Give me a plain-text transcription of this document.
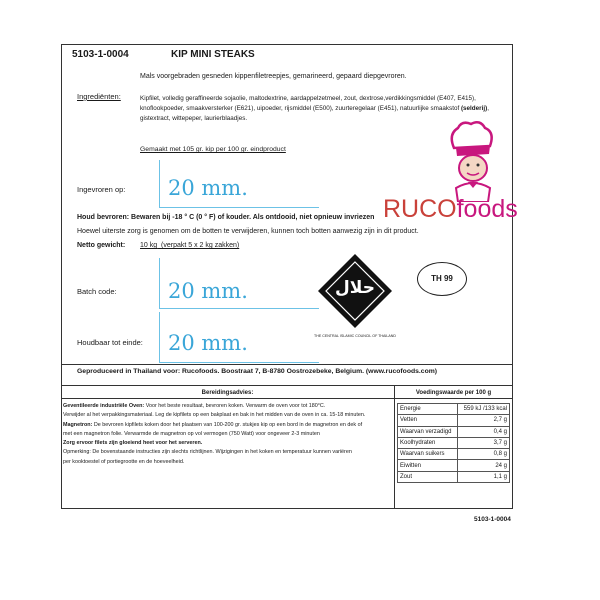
5103-1-0004	KIP MINI STEAKS
Mals voorgebraden gesneden kippenfiletreepjes, gemarineerd, gepaard diepgevroren.
Ingrediënten:	Kipfilet, volledig geraffineerde sojaolie, maltodextrine, aardappelzetmeel, zout, dextrose,verdikkingsmiddel (E407, E415),
knoflookpoeder, smaakversterker (E621), uipoeder, rijsmiddel (E500), zuurteregelaar (E451), natuurlijke smaakstof (selderij),
gistextract, wittepeper, laurierblaadjes.
Gemaakt met 105 gr. kip per 100 gr. eindproduct
Ingevroren op: 20 mm.
Houd bevroren: Bewaren bij -18 ° C (0 ° F) of kouder. Als ontdooid, niet opnieuw invriezen
Hoewel uiterste zorg is genomen om de botten te verwijderen, kunnen toch botten aanwezig zijn in dit product.
Netto gewicht: 10 kg (verpakt 5 x 2 kg zakken)
Batch code: 20 mm.
Houdbaar tot einde: 20 mm.
RUCOfoods
حلال
THE CENTRAL ISLAMIC COUNCIL OF THAILAND
TH 99
Geproduceerd in Thailand voor: Rucofoods. Boostraat 7, B-8780 Oostrozebeke, Belgium. (www.rucofoods.com)
Bereidingsadvies:	Voedingswaarde per 100 g
Geventileerde industriële Oven: Voor het beste resultaat, bevroren koken. Verwarm de oven voor tot 180°C.
Verwijder al het verpakkingsmateriaal. Leg de kipfilets op een bakplaat en bak in het midden van de oven in ca. 15-18 minuten.
Magnetron: De bevroren kipfilets koken door het plaatsen van 100-200 gr. stukjes kip op een bord in de magnetron en dek of
met een magnetron folie. Verwarmde de magnetron op vol vermogen (750 Watt) voor ongeveer 2-3 minuten
Zorg ervoor filets zijn gloeiend heet voor het serveren.
Opmerking: De bovenstaande instructies zijn slechts richtlijnen. Wijzigingen in het koken en temperatuur kunnen variëren
per kooktoestel of portiegrootte en de hoeveelheid.
Energie	559 kJ /133 kcal
Vetten	2,7 g
Waarvan verzadigd	0,4 g
Koolhydraten	3,7 g
Waarvan suikers	0,8 g
Eiwitten	24 g
Zout	1,1 g
5103-1-0004
